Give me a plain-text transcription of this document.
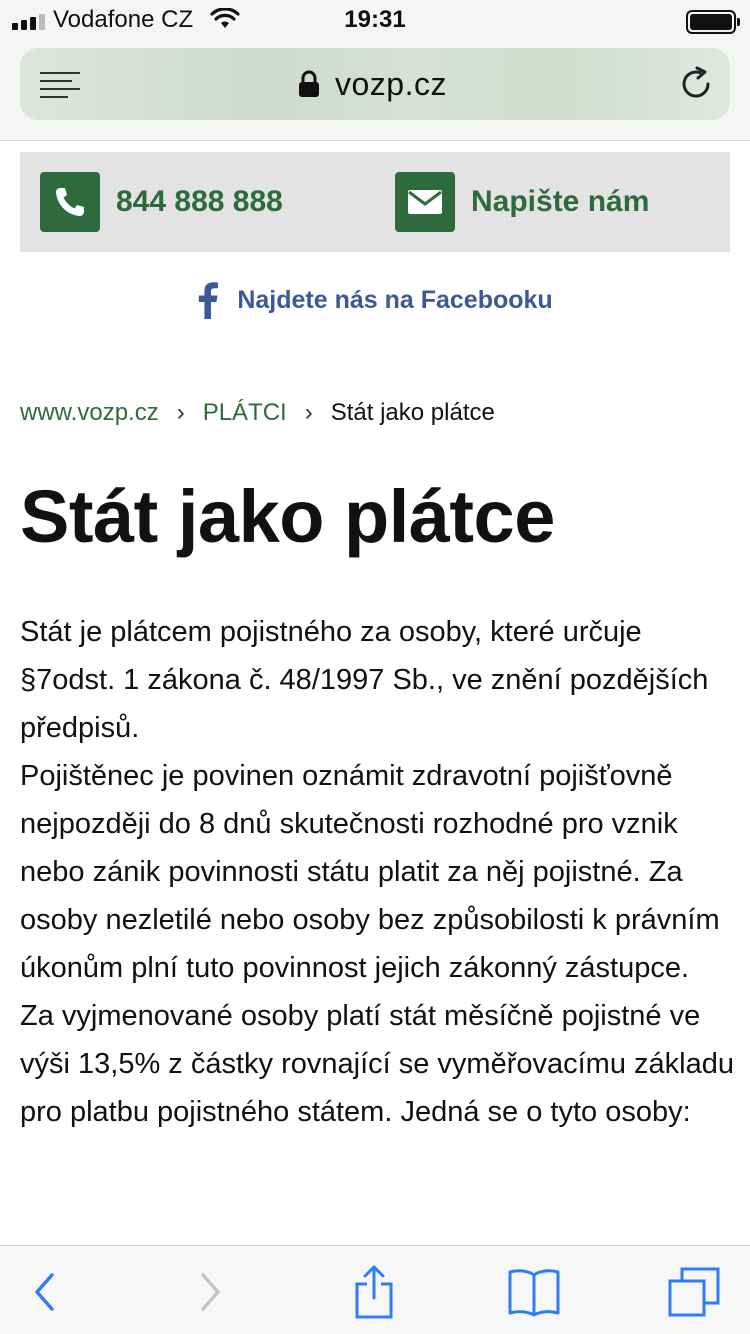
Vodafone CZ	19:31
vozp.cz
844 888 888	Napište nám
Najdete nás na Facebooku
www.vozp.cz › PLÁTCI › Stát jako plátce
Stát jako plátce

Stát je plátcem pojistného za osoby, které určuje §7odst. 1 zákona č. 48/1997 Sb., ve znění pozdějších předpisů.

Pojištěnec je povinen oznámit zdravotní pojišťovně nejpozději do 8 dnů skutečnosti rozhodné pro vznik nebo zánik povinnosti státu platit za něj pojistné. Za osoby nezletilé nebo osoby bez způsobilosti k právním úkonům plní tuto povinnost jejich zákonný zástupce.

Za vyjmenované osoby platí stát měsíčně pojistné ve výši 13,5% z částky rovnající se vyměřovacímu základu pro platbu pojistného státem. Jedná se o tyto osoby:
